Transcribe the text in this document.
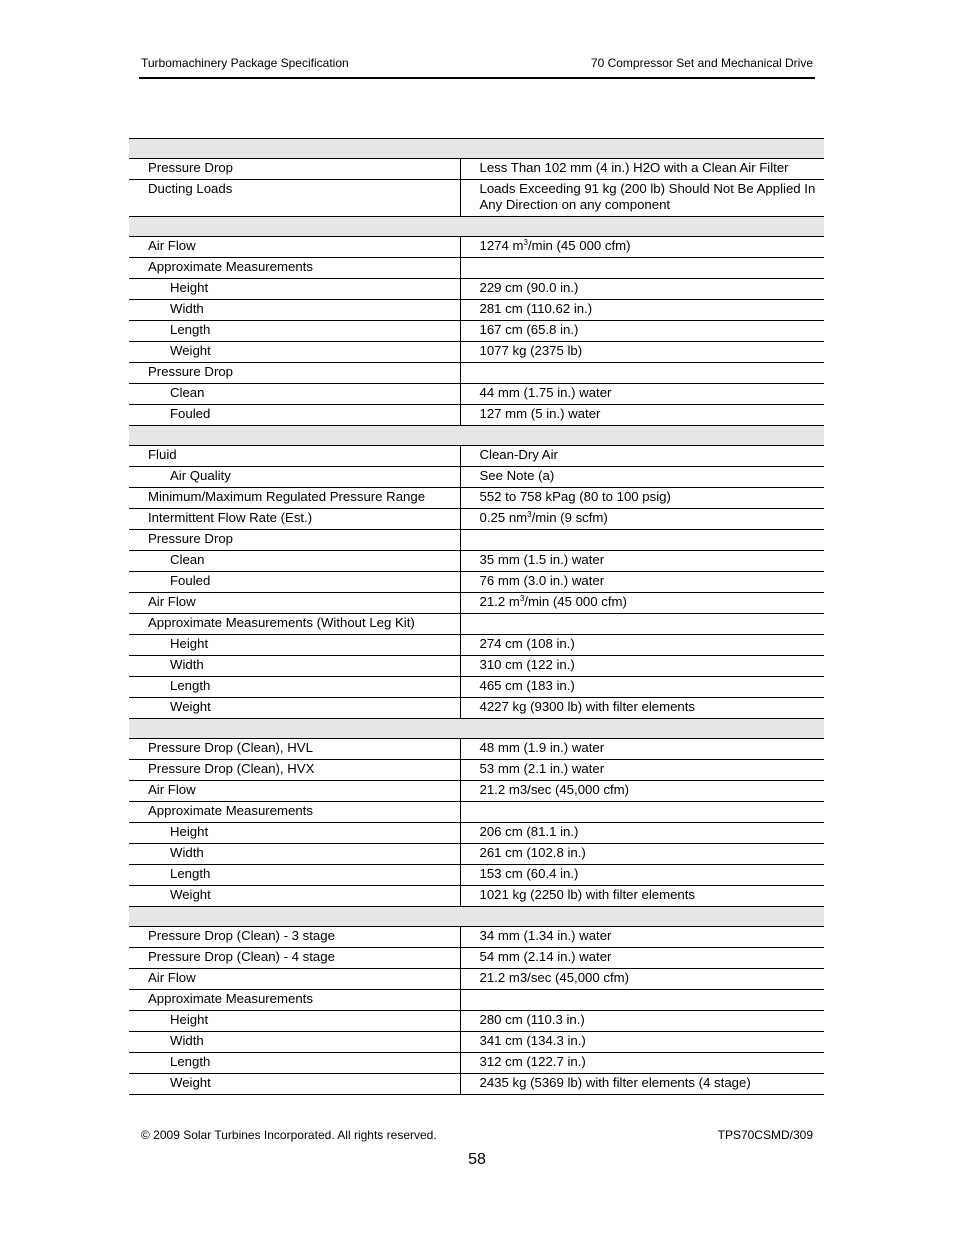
Turbomachinery Package Specification	70 Compressor Set and Mechanical Drive

Pressure Drop	Less Than 102 mm (4 in.) H2O with a Clean Air Filter
Ducting Loads	Loads Exceeding 91 kg (200 lb) Should Not Be Applied In Any Direction on any component

Air Flow	1274 $m^3/\min$ (45 000 cfm)
Approximate Measurements	
Height	229 cm (90.0 in.)
Width	281 cm (110.62 in.)
Length	167 cm (65.8 in.)
Weight	1077 kg (2375 lb)
Pressure Drop	
Clean	44 mm (1.75 in.) water
Fouled	127 mm (5 in.) water

Fluid	Clean-Dry Air
Air Quality	See Note (a)
Minimum/Maximum Regulated Pressure Range	552 to 758 kPag (80 to 100 psig)
Intermittent Flow Rate (Est.)	0.25 $nm^3/\min$ (9 scfm)
Pressure Drop	
Clean	35 mm (1.5 in.) water
Fouled	76 mm (3.0 in.) water
Air Flow	21.2 $m^3/\min$ (45 000 cfm)
Approximate Measurements (Without Leg Kit)	
Height	274 cm (108 in.)
Width	310 cm (122 in.)
Length	465 cm (183 in.)
Weight	4227 kg (9300 lb) with filter elements

Pressure Drop (Clean), HVL	48 mm (1.9 in.) water
Pressure Drop (Clean), HVX	53 mm (2.1 in.) water
Air Flow	21.2 m3/sec (45,000 cfm)
Approximate Measurements	
Height	206 cm (81.1 in.)
Width	261 cm (102.8 in.)
Length	153 cm (60.4 in.)
Weight	1021 kg (2250 lb) with filter elements

Pressure Drop (Clean) - 3 stage	34 mm (1.34 in.) water
Pressure Drop (Clean) - 4 stage	54 mm (2.14 in.) water
Air Flow	21.2 m3/sec (45,000 cfm)
Approximate Measurements	
Height	280 cm (110.3 in.)
Width	341 cm (134.3 in.)
Length	312 cm (122.7 in.)
Weight	2435 kg (5369 lb) with filter elements (4 stage)
© 2009 Solar Turbines Incorporated. All rights reserved.	TPS70CSMD/309
58
